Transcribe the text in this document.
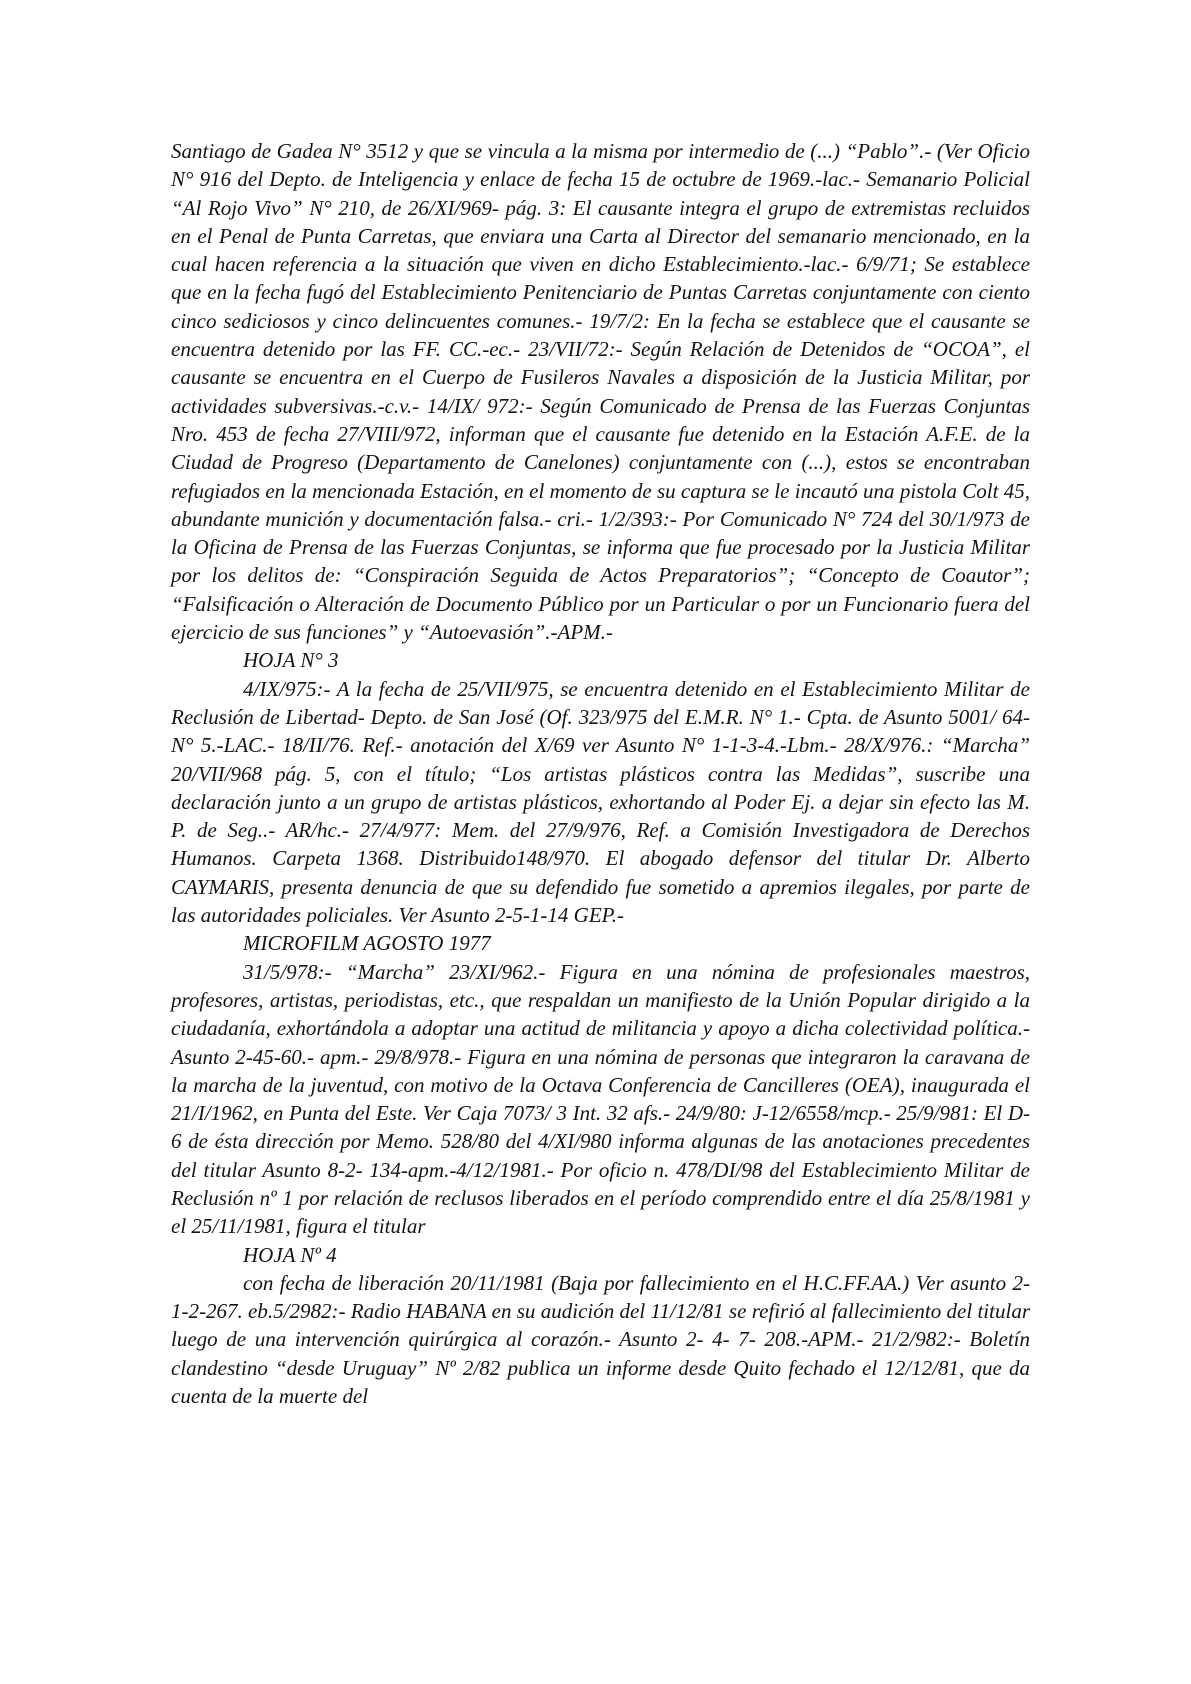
Santiago de Gadea N° 3512 y que se vincula a la misma por intermedio de (...) “Pablo”.- (Ver Oficio N° 916 del Depto. de Inteligencia y enlace de fecha 15 de octubre de 1969.-lac.- Semanario Policial “Al Rojo Vivo” N° 210, de 26/XI/969- pág. 3: El causante integra el grupo de extremistas recluidos en el Penal de Punta Carretas, que enviara una Carta al Director del semanario mencionado, en la cual hacen referencia a la situación que viven en dicho Establecimiento.-lac.- 6/9/71; Se establece que en la fecha fugó del Establecimiento Penitenciario de Puntas Carretas conjuntamente con ciento cinco sediciosos y cinco delincuentes comunes.- 19/7/2: En la fecha se establece que el causante se encuentra detenido por las FF. CC.-ec.- 23/VII/72:- Según Relación de Detenidos de “OCOA”, el causante se encuentra en el Cuerpo de Fusileros Navales a disposición de la Justicia Militar, por actividades subversivas.-c.v.- 14/IX/ 972:- Según Comunicado de Prensa de las Fuerzas Conjuntas Nro. 453 de fecha 27/VIII/972, informan que el causante fue detenido en la Estación A.F.E. de la Ciudad de Progreso (Departamento de Canelones) conjuntamente con (...), estos se encontraban refugiados en la mencionada Estación, en el momento de su captura se le incautó una pistola Colt 45, abundante munición y documentación falsa.- cri.- 1/2/393:- Por Comunicado N° 724 del 30/1/973 de la Oficina de Prensa de las Fuerzas Conjuntas, se informa que fue procesado por la Justicia Militar por los delitos de: “Conspiración Seguida de Actos Preparatorios”; “Concepto de Coautor”; “Falsificación o Alteración de Documento Público por un Particular o por un Funcionario fuera del ejercicio de sus funciones” y “Autoevasión”.-APM.-

HOJA N° 3

4/IX/975:- A la fecha de 25/VII/975, se encuentra detenido en el Establecimiento Militar de Reclusión de Libertad- Depto. de San José (Of. 323/975 del E.M.R. N° 1.- Cpta. de Asunto 5001/ 64- N° 5.-LAC.- 18/II/76. Ref.- anotación del X/69 ver Asunto N° 1-1-3-4.-Lbm.- 28/X/976.: “Marcha” 20/VII/968 pág. 5, con el título; “Los artistas plásticos contra las Medidas”, suscribe una declaración junto a un grupo de artistas plásticos, exhortando al Poder Ej. a dejar sin efecto las M. P. de Seg..- AR/hc.- 27/4/977: Mem. del 27/9/976, Ref. a Comisión Investigadora de Derechos Humanos. Carpeta 1368. Distribuido148/970. El abogado defensor del titular Dr. Alberto CAYMARIS, presenta denuncia de que su defendido fue sometido a apremios ilegales, por parte de las autoridades policiales. Ver Asunto 2-5-1-14 GEP.-

MICROFILM AGOSTO 1977

31/5/978:- “Marcha” 23/XI/962.- Figura en una nómina de profesionales maestros, profesores, artistas, periodistas, etc., que respaldan un manifiesto de la Unión Popular dirigido a la ciudadanía, exhortándola a adoptar una actitud de militancia y apoyo a dicha colectividad política.- Asunto 2-45-60.- apm.- 29/8/978.- Figura en una nómina de personas que integraron la caravana de la marcha de la juventud, con motivo de la Octava Conferencia de Cancilleres (OEA), inaugurada el 21/I/1962, en Punta del Este. Ver Caja 7073/ 3 Int. 32 afs.- 24/9/80: J-12/6558/mcp.- 25/9/981: El D-6 de ésta dirección por Memo. 528/80 del 4/XI/980 informa algunas de las anotaciones precedentes del titular Asunto 8-2- 134-apm.-4/12/1981.- Por oficio n. 478/DI/98 del Establecimiento Militar de Reclusión nº 1 por relación de reclusos liberados en el período comprendido entre el día 25/8/1981 y el 25/11/1981, figura el titular

HOJA Nº 4

con fecha de liberación 20/11/1981 (Baja por fallecimiento en el H.C.FF.AA.) Ver asunto 2-1-2-267. eb.5/2982:- Radio HABANA en su audición del 11/12/81 se refirió al fallecimiento del titular luego de una intervención quirúrgica al corazón.- Asunto 2- 4- 7- 208.-APM.- 21/2/982:- Boletín clandestino “desde Uruguay” Nº 2/82 publica un informe desde Quito fechado el 12/12/81, que da cuenta de la muerte del
